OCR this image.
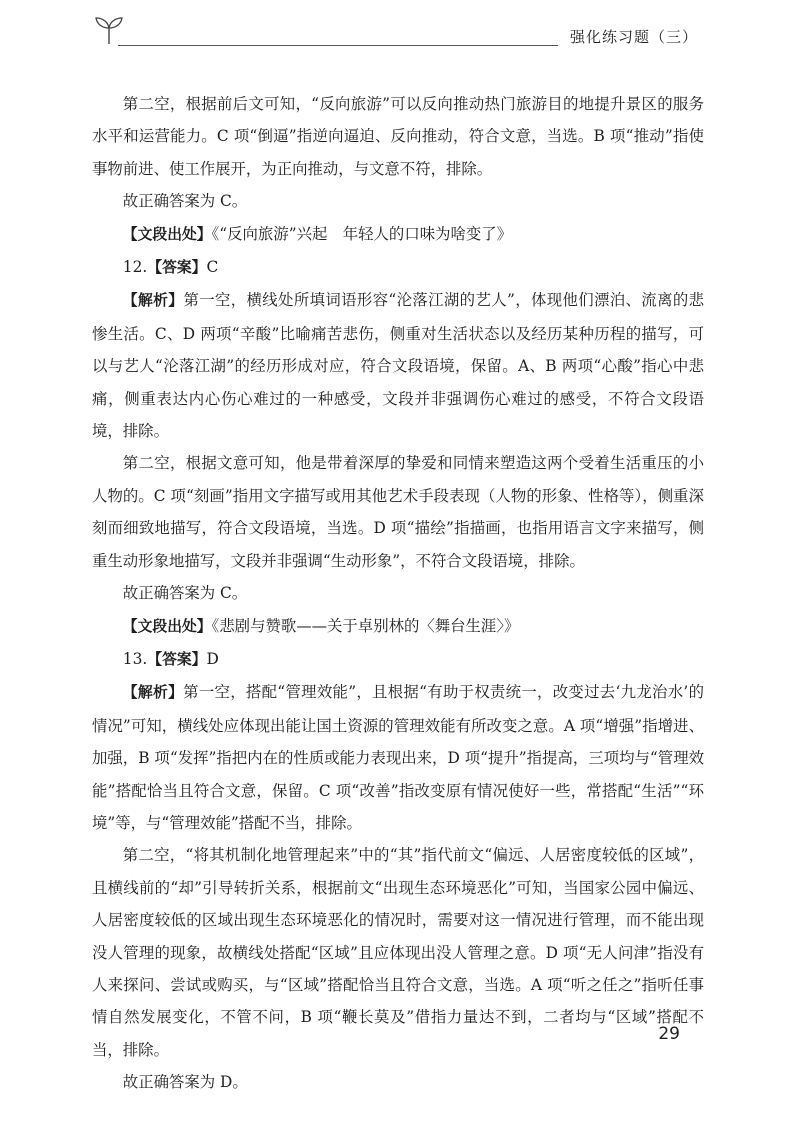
强化练习题（三）

第二空，根据前后文可知，“反向旅游”可以反向推动热门旅游目的地提升景区的服务水平和运营能力。C 项“倒逼”指逆向逼迫、反向推动，符合文意，当选。B 项“推动”指使事物前进、使工作展开，为正向推动，与文意不符，排除。

故正确答案为 C。

【文段出处】《“反向旅游”兴起　年轻人的口味为啥变了》

12.【答案】C

【解析】第一空，横线处所填词语形容“沦落江湖的艺人”，体现他们漂泊、流离的悲惨生活。C、D 两项“辛酸”比喻痛苦悲伤，侧重对生活状态以及经历某种历程的描写，可以与艺人“沦落江湖”的经历形成对应，符合文段语境，保留。A、B 两项“心酸”指心中悲痛，侧重表达内心伤心难过的一种感受，文段并非强调伤心难过的感受，不符合文段语境，排除。

第二空，根据文意可知，他是带着深厚的挚爱和同情来塑造这两个受着生活重压的小人物的。C 项“刻画”指用文字描写或用其他艺术手段表现（人物的形象、性格等），侧重深刻而细致地描写，符合文段语境，当选。D 项“描绘”指描画，也指用语言文字来描写，侧重生动形象地描写，文段并非强调“生动形象”，不符合文段语境，排除。

故正确答案为 C。

【文段出处】《悲剧与赞歌——关于卓别林的〈舞台生涯〉》

13.【答案】D

【解析】第一空，搭配“管理效能”，且根据“有助于权责统一，改变过去‘九龙治水’的情况”可知，横线处应体现出能让国土资源的管理效能有所改变之意。A 项“增强”指增进、加强，B 项“发挥”指把内在的性质或能力表现出来，D 项“提升”指提高，三项均与“管理效能”搭配恰当且符合文意，保留。C 项“改善”指改变原有情况使好一些，常搭配“生活”“环境”等，与“管理效能”搭配不当，排除。

第二空，“将其机制化地管理起来”中的“其”指代前文“偏远、人居密度较低的区域”，且横线前的“却”引导转折关系，根据前文“出现生态环境恶化”可知，当国家公园中偏远、人居密度较低的区域出现生态环境恶化的情况时，需要对这一情况进行管理，而不能出现没人管理的现象，故横线处搭配“区域”且应体现出没人管理之意。D 项“无人问津”指没有人来探问、尝试或购买，与“区域”搭配恰当且符合文意，当选。A 项“听之任之”指听任事情自然发展变化，不管不问，B 项“鞭长莫及”借指力量达不到，二者均与“区域”搭配不当，排除。

故正确答案为 D。

29
